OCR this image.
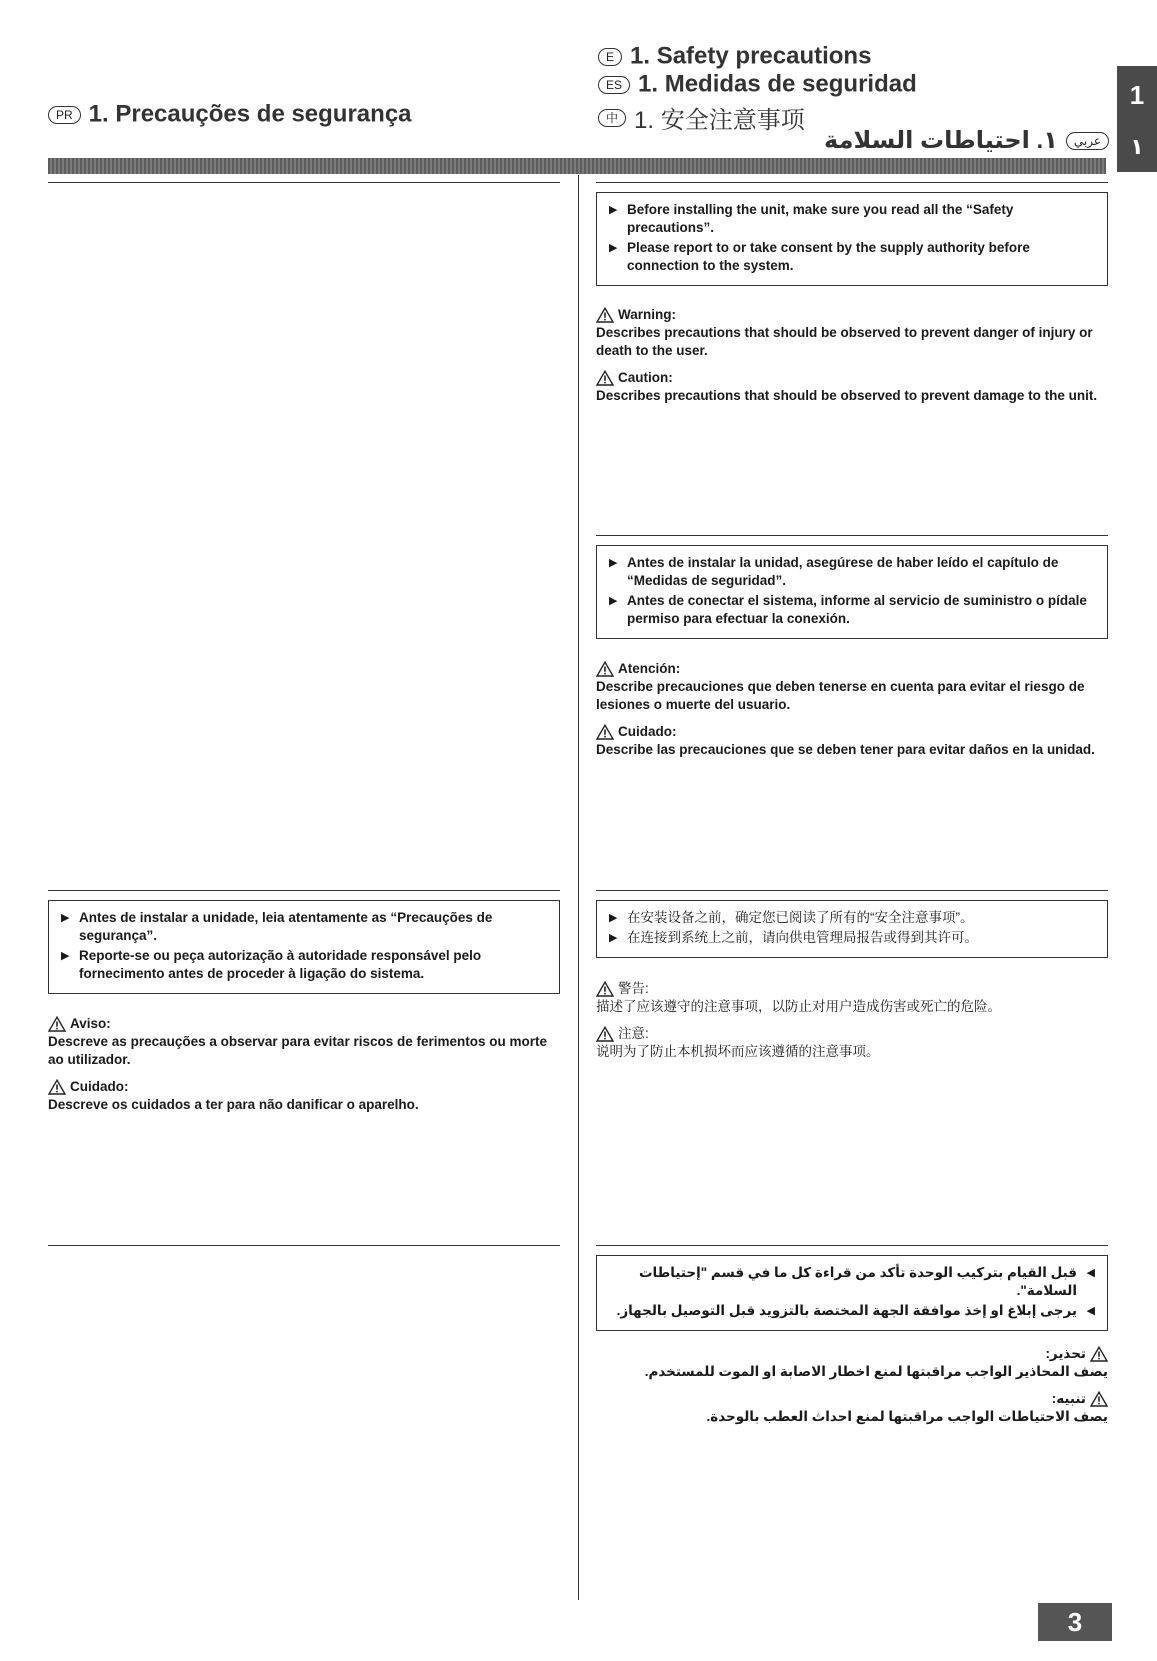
1
١
E 1. Safety precautions
ES 1. Medidas de seguridad
中 1. 安全注意事项
عربي١. احتياطات السلامة
PR 1. Precauções de segurança
▶ Before installing the unit, make sure you read all the “Safety precautions”.
▶ Please report to or take consent by the supply authority before connection to the system.
Warning:
Describes precautions that should be observed to prevent danger of injury or death to the user.
Caution:
Describes precautions that should be observed to prevent damage to the unit.
▶ Antes de instalar la unidad, asegúrese de haber leído el capítulo de “Medidas de seguridad”.
▶ Antes de conectar el sistema, informe al servicio de suministro o pídale permiso para efectuar la conexión.
Atención:
Describe precauciones que deben tenerse en cuenta para evitar el riesgo de lesiones o muerte del usuario.
Cuidado:
Describe las precauciones que se deben tener para evitar daños en la unidad.
▶ Antes de instalar a unidade, leia atentamente as “Precauções de segurança”.
▶ Reporte-se ou peça autorização à autoridade responsável pelo fornecimento antes de proceder à ligação do sistema.
Aviso:
Descreve as precauções a observar para evitar riscos de ferimentos ou morte ao utilizador.
Cuidado:
Descreve os cuidados a ter para não danificar o aparelho.
▶ 在安装设备之前，确定您已阅读了所有的“安全注意事项”。
▶ 在连接到系统上之前，请向供电管理局报告或得到其许可。
警告:
描述了应该遵守的注意事项，以防止对用户造成伤害或死亡的危险。
注意:
说明为了防止本机损坏而应该遵循的注意事项。
◀
قبل القيام بتركيب الوحدة تأكد من قراءة كل ما في قسم "إحتياطات السلامة".
◀
يرجى إبلاغ او إخذ موافقة الجهة المختصة بالتزويد قبل التوصيل بالجهاز.
تحذير:
يصف المحاذير الواجب مراقبتها لمنع اخطار الاصابة او الموت للمستخدم.
تنبيه:
يصف الاحتياطات الواجب مراقبتها لمنع احداث العطب بالوحدة.
3
